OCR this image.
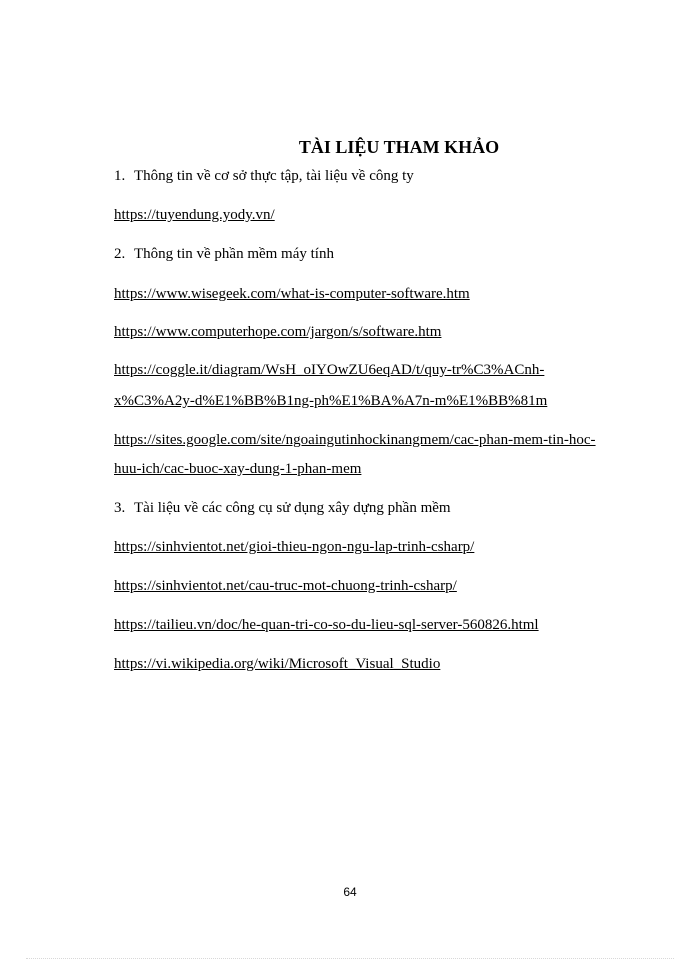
TÀI LIỆU THAM KHẢO
1. Thông tin về cơ sở thực tập, tài liệu về công ty
https://tuyendung.yody.vn/
2. Thông tin về phần mềm máy tính
https://www.wisegeek.com/what-is-computer-software.htm
https://www.computerhope.com/jargon/s/software.htm
https://coggle.it/diagram/WsH_oIYOwZU6eqAD/t/quy-tr%C3%ACnh-
x%C3%A2y-d%E1%BB%B1ng-ph%E1%BA%A7n-m%E1%BB%81m
https://sites.google.com/site/ngoaingutinhockinangmem/cac-phan-mem-tin-hoc-
huu-ich/cac-buoc-xay-dung-1-phan-mem
3. Tài liệu về các công cụ sử dụng xây dựng phần mềm
https://sinhvientot.net/gioi-thieu-ngon-ngu-lap-trinh-csharp/
https://sinhvientot.net/cau-truc-mot-chuong-trinh-csharp/
https://tailieu.vn/doc/he-quan-tri-co-so-du-lieu-sql-server-560826.html
https://vi.wikipedia.org/wiki/Microsoft_Visual_Studio
64
